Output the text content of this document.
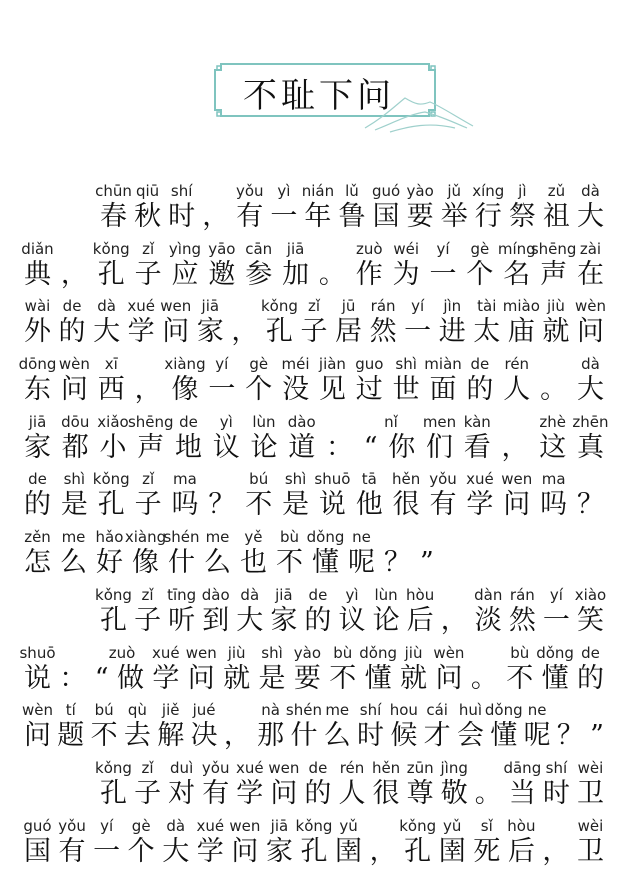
不耻下问
chūn qiū shí	yǒu yì nián lǔ guó yào jǔ xíng jì zǔ dà
春秋时，有一年鲁国要举行祭祖大
diǎn	kǒng zǐ yìng yāo cān jiā	zuò wéi yí gè míng
shēng zài
典，孔子应邀参加。作为一个名声在
wài de dà xué wen jiā	kǒng zǐ jū rán yí jìn tài miào jiù wèn
外的大学问家，孔子居然一进太庙就问
dōng wèn xī	xiàng yí gè méi jiàn guo shì miàn de rén	dà
东问西，像一个没见过世面的人。大
jiā dōu xiǎo shēng de yì lùn dào	nǐ men kàn	zhè zhēn
家都小声地议论道：“你们看，这真
de shì kǒng zǐ ma	bú shì shuō tā hěn yǒu xué wen ma
的是孔子吗？不是说他很有学问吗？
zěn me hǎo xiàng
shén me yě bù dǒng ne
怎么好像什么也不懂呢？”
kǒng zǐ tīng dào dà jiā de yì lùn hòu	dàn rán yí xiào
孔子听到大家的议论后，淡然一笑
shuō	zuò xué wen jiù shì yào bù dǒng jiù wèn	bù dǒng de
说：“做学问就是要不懂就问。不懂的
wèn tí bú qù jiě jué	nà shén me shí hou cái huì dǒng ne
问题不去解决，那什么时候才会懂呢？”
kǒng zǐ duì yǒu xué wen de rén hěn zūn jìng dāng shí wèi
孔子对有学问的人很尊敬。当时卫
guó yǒu yí gè dà xué wen jiā kǒng yǔ	kǒng yǔ sǐ hòu	wèi
国有一个大学问家孔圉，孔圉死后，卫
